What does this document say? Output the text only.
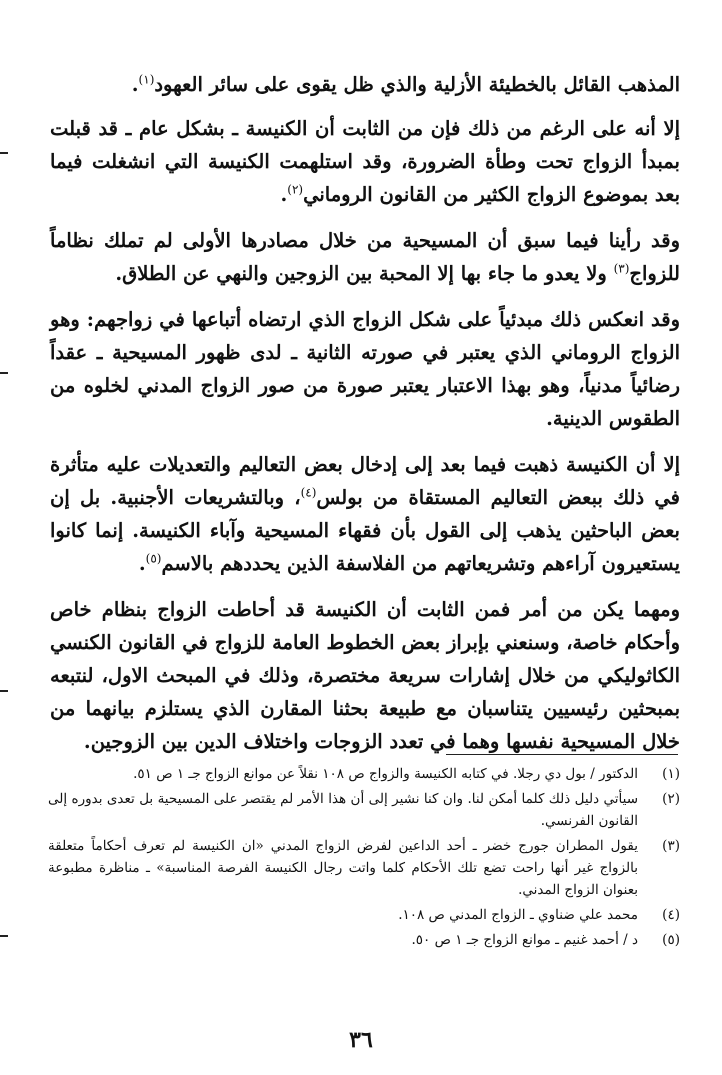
المذهب القائل بالخطيئة الأزلية والذي ظل يقوى على سائر العهود$^{(١)}$.

إلا أنه على الرغم من ذلك فإن من الثابت أن الكنيسة ـ بشكل عام ـ قد قبلت بمبدأ الزواج تحت وطأة الضرورة، وقد استلهمت الكنيسة التي انشغلت فيما بعد بموضوع الزواج الكثير من القانون الروماني$^{(٢)}$.

وقد رأينا فيما سبق أن المسيحية من خلال مصادرها الأولى لم تملك نظاماً للزواج$^{(٣)}$ ولا يعدو ما جاء بها إلا المحبة بين الزوجين والنهي عن الطلاق.

وقد انعكس ذلك مبدئياً على شكل الزواج الذي ارتضاه أتباعها في زواجهم: وهو الزواج الروماني الذي يعتبر في صورته الثانية ـ لدى ظهور المسيحية ـ عقداً رضائياً مدنياً، وهو بهذا الاعتبار يعتبر صورة من صور الزواج المدني لخلوه من الطقوس الدينية.

إلا أن الكنيسة ذهبت فيما بعد إلى إدخال بعض التعاليم والتعديلات عليه متأثرة في ذلك ببعض التعاليم المستقاة من بولس$^{(٤)}$، وبالتشريعات الأجنبية. بل إن بعض الباحثين يذهب إلى القول بأن فقهاء المسيحية وآباء الكنيسة. إنما كانوا يستعيرون آراءهم وتشريعاتهم من الفلاسفة الذين يحددهم بالاسم$^{(٥)}$.

ومهما يكن من أمر فمن الثابت أن الكنيسة قد أحاطت الزواج بنظام خاص وأحكام خاصة، وسنعني بإبراز بعض الخطوط العامة للزواج في القانون الكنسي الكاثوليكي من خلال إشارات سريعة مختصرة، وذلك في المبحث الاول، لنتبعه بمبحثين رئيسيين يتناسبان مع طبيعة بحثنا المقارن الذي يستلزم بيانهما من خلال المسيحية نفسها وهما في تعدد الزوجات واختلاف الدين بين الزوجين.

(١)
الدكتور / بول دي رجلا. في كتابه الكنيسة والزواج ص ١٠٨ نقلاً عن موانع الزواج جـ ١ ص ٥١.
(٢)
سيأتي دليل ذلك كلما أمكن لنا. وان كنا نشير إلى أن هذا الأمر لم يقتصر على المسيحية بل تعدى بدوره إلى القانون الفرنسي.
(٣)
يقول المطران جورج خضر ـ أحد الداعين لفرض الزواج المدني «ان الكنيسة لم تعرف أحكاماً متعلقة بالزواج غير أنها راحت تضع تلك الأحكام كلما واتت رجال الكنيسة الفرصة المناسبة» ـ مناظرة مطبوعة بعنوان الزواج المدني.
(٤)
محمد علي ضناوي ـ الزواج المدني ص ١٠٨.
(٥)
د / أحمد غنيم ـ موانع الزواج جـ ١ ص ٥٠.
٣٦
